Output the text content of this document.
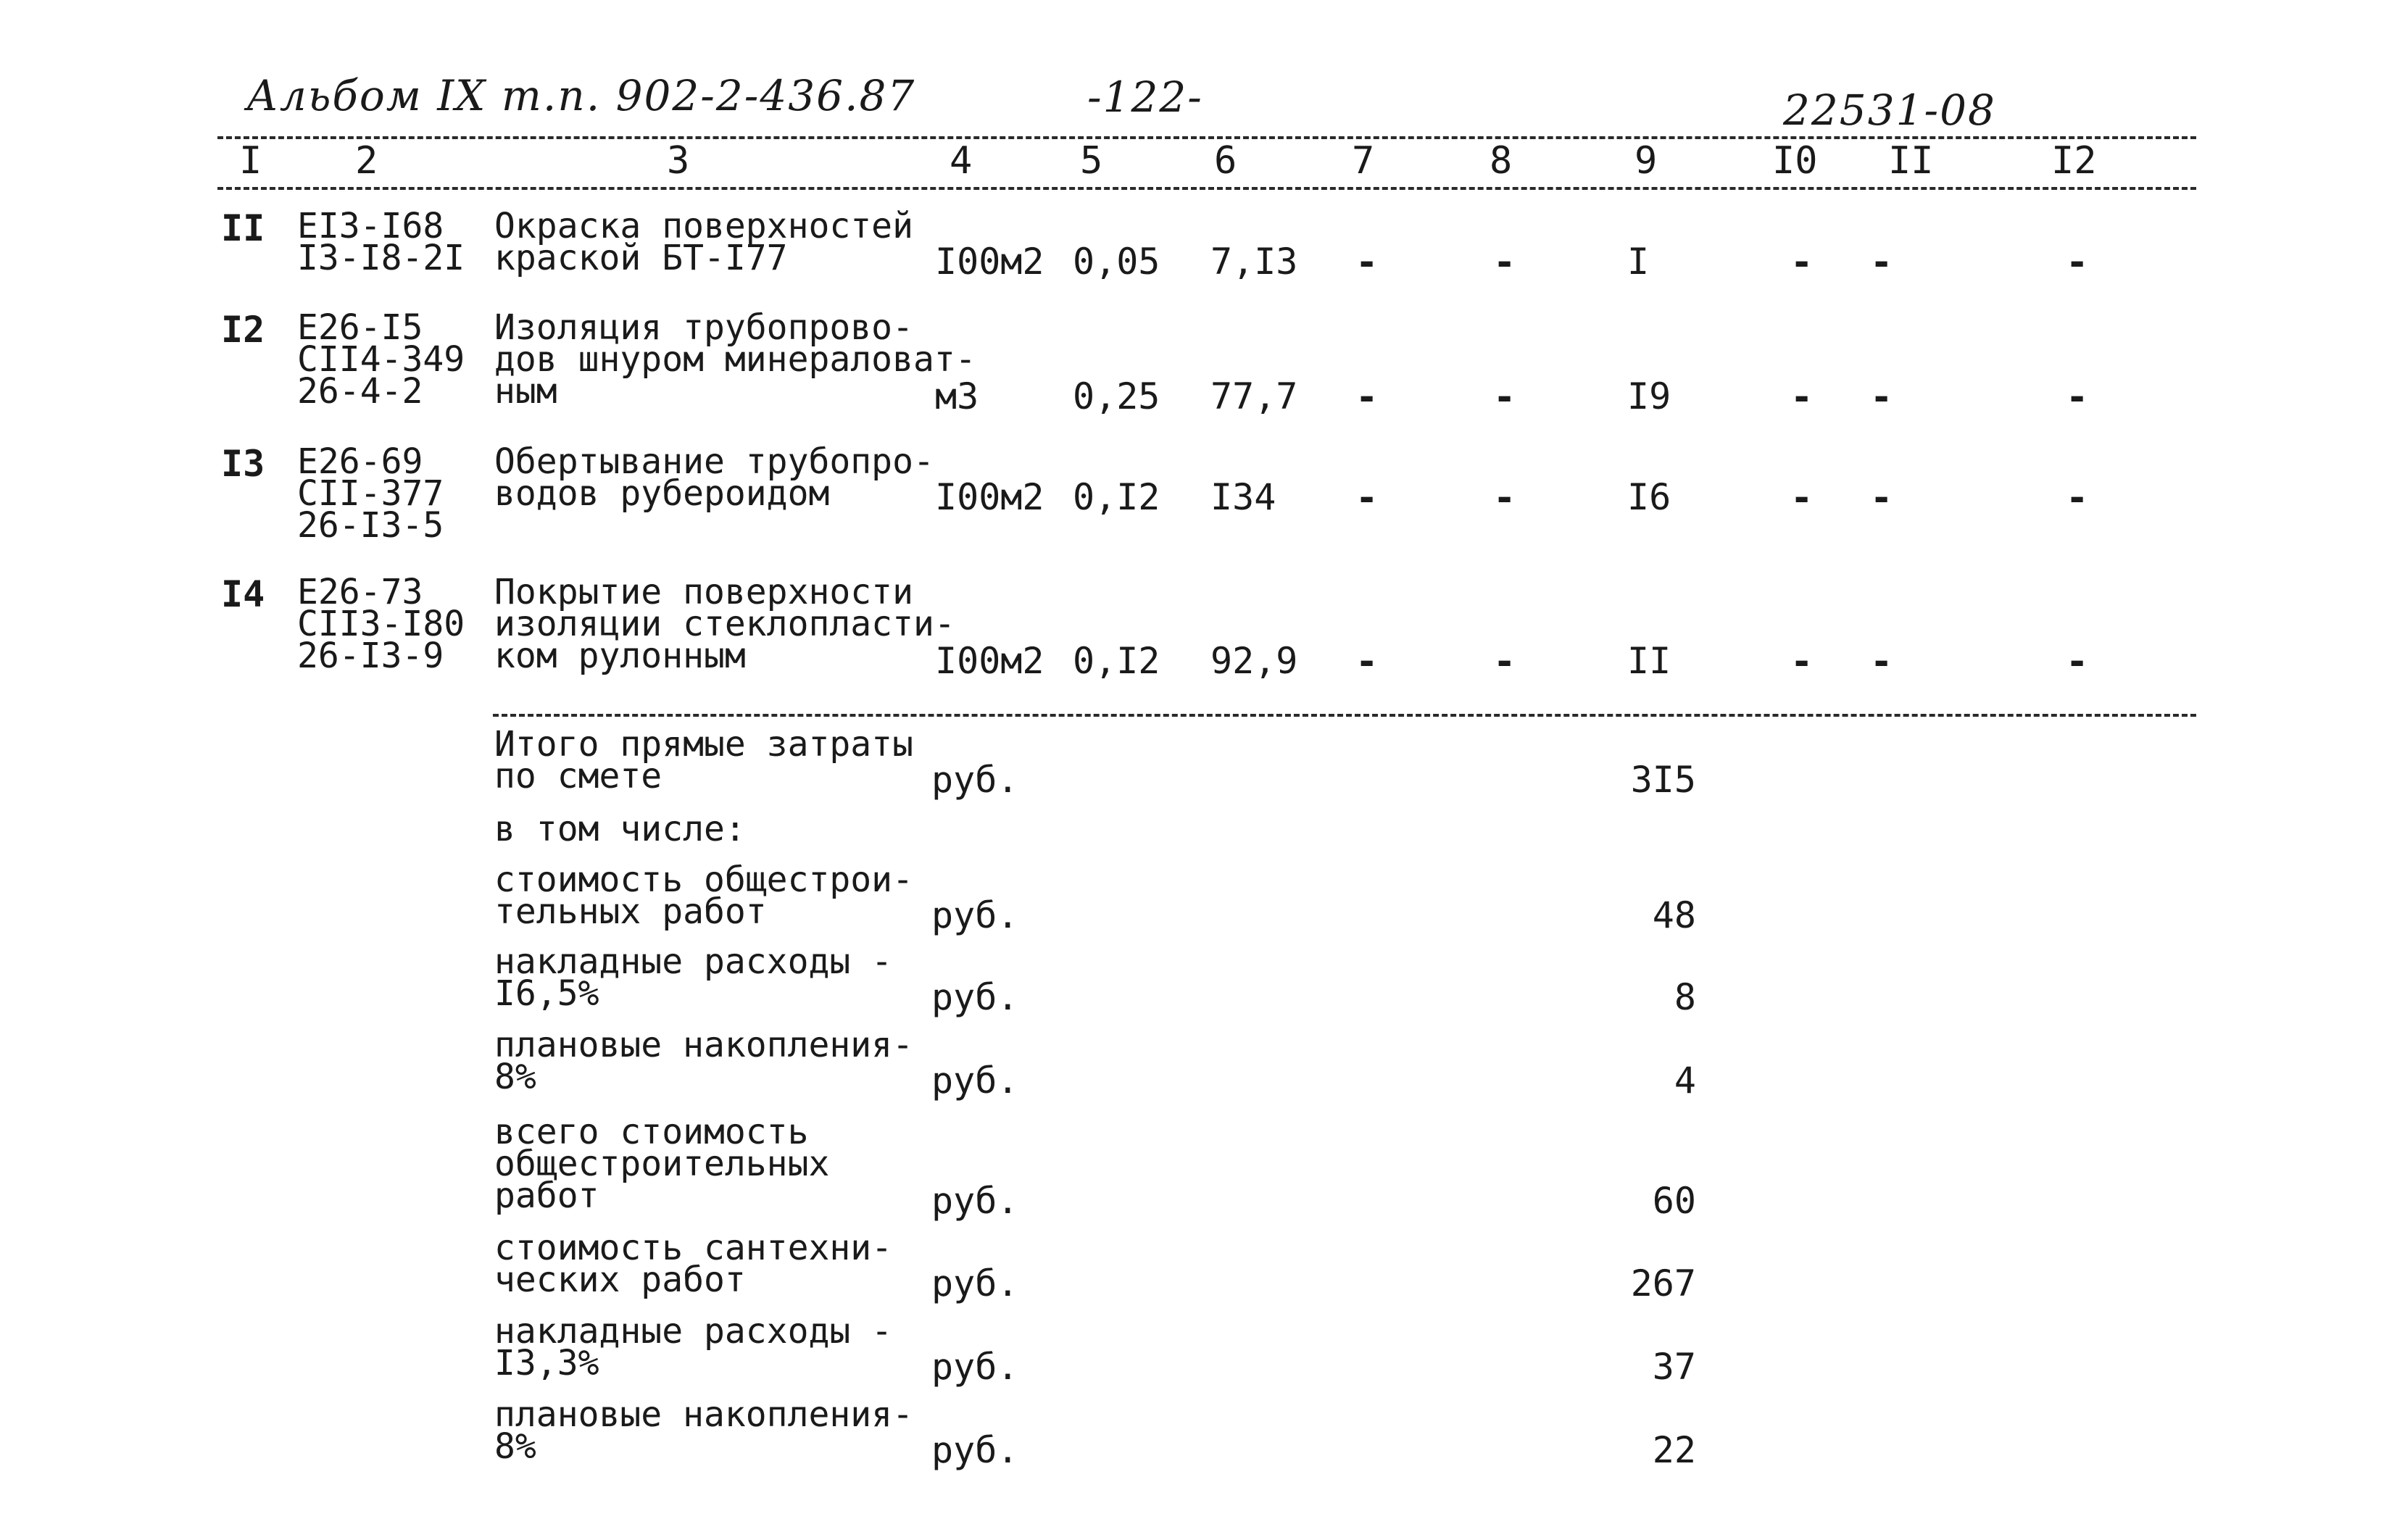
Альбом IX т.п. 902-2-436.87	-122-	22531-08
I 2	3	4	5	6	7	8	9	I0 II	I2
II EI3-I68
I3-I8-2I
Окраска поверхностей
краской БТ-I77	I00м2 0,05 7,I3 -	-	I	- -	-
I2 E26-I5
CII4-349
26-4-2
Изоляция трубопрово-
дов шнуром минераловат-
ным	м3	0,25 77,7 -	-	I9	- -	-
I3 E26-69
CII-377
26-I3-5
Обертывание трубопро-
водов рубероидом	I00м2 0,I2 I34 -	-	I6	- -	-
I4 E26-73
CII3-I80
26-I3-9
Покрытие поверхности
изоляции стеклопласти-
ком рулонным	I00м2 0,I2 92,9 -	-	II	- -	-
Итого прямые затраты
по смете	руб.	3I5
в том числе:
стоимость общестрои-
тельных работ	руб.	48
накладные расходы -
I6,5%	руб.	8
плановые накопления-
8%	руб.	4
всего стоимость
общестроительных
работ	руб.	60
стоимость сантехни-
ческих работ	руб.	267
накладные расходы -
I3,3%	руб.	37
плановые накопления-
8%	руб.	22
